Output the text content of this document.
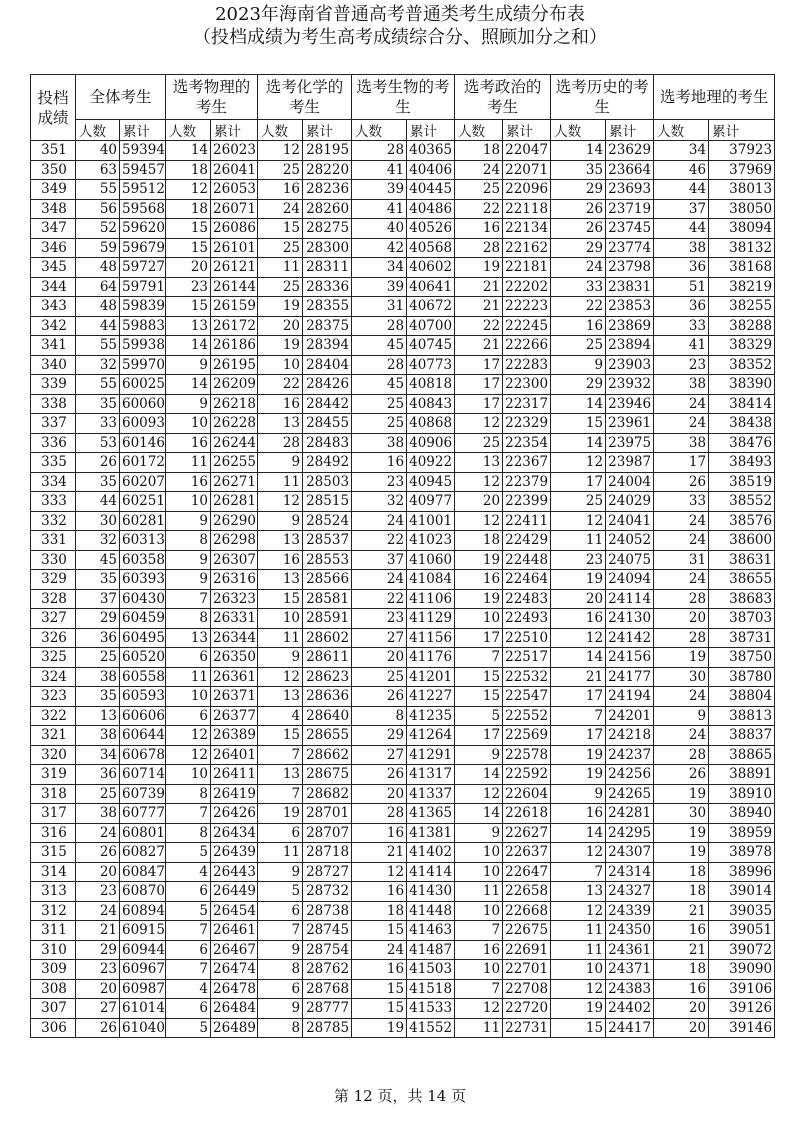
2023年海南省普通高考普通类考生成绩分布表
（投档成绩为考生高考成绩综合分、照顾加分之和）
投档成绩	全体考生		选考物理的考生		选考化学的考生		选考生物的考生		选考政治的考生		选考历史的考生		选考地理的考生	
	人数	累计	人数	累计	人数	累计	人数	累计	人数	累计	人数	累计	人数	累计
351	40	59394	14	26023	12	28195	28	40365	18	22047	14	23629	34	37923
350	63	59457	18	26041	25	28220	41	40406	24	22071	35	23664	46	37969
349	55	59512	12	26053	16	28236	39	40445	25	22096	29	23693	44	38013
348	56	59568	18	26071	24	28260	41	40486	22	22118	26	23719	37	38050
347	52	59620	15	26086	15	28275	40	40526	16	22134	26	23745	44	38094
346	59	59679	15	26101	25	28300	42	40568	28	22162	29	23774	38	38132
345	48	59727	20	26121	11	28311	34	40602	19	22181	24	23798	36	38168
344	64	59791	23	26144	25	28336	39	40641	21	22202	33	23831	51	38219
343	48	59839	15	26159	19	28355	31	40672	21	22223	22	23853	36	38255
342	44	59883	13	26172	20	28375	28	40700	22	22245	16	23869	33	38288
341	55	59938	14	26186	19	28394	45	40745	21	22266	25	23894	41	38329
340	32	59970	9	26195	10	28404	28	40773	17	22283	9	23903	23	38352
339	55	60025	14	26209	22	28426	45	40818	17	22300	29	23932	38	38390
338	35	60060	9	26218	16	28442	25	40843	17	22317	14	23946	24	38414
337	33	60093	10	26228	13	28455	25	40868	12	22329	15	23961	24	38438
336	53	60146	16	26244	28	28483	38	40906	25	22354	14	23975	38	38476
335	26	60172	11	26255	9	28492	16	40922	13	22367	12	23987	17	38493
334	35	60207	16	26271	11	28503	23	40945	12	22379	17	24004	26	38519
333	44	60251	10	26281	12	28515	32	40977	20	22399	25	24029	33	38552
332	30	60281	9	26290	9	28524	24	41001	12	22411	12	24041	24	38576
331	32	60313	8	26298	13	28537	22	41023	18	22429	11	24052	24	38600
330	45	60358	9	26307	16	28553	37	41060	19	22448	23	24075	31	38631
329	35	60393	9	26316	13	28566	24	41084	16	22464	19	24094	24	38655
328	37	60430	7	26323	15	28581	22	41106	19	22483	20	24114	28	38683
327	29	60459	8	26331	10	28591	23	41129	10	22493	16	24130	20	38703
326	36	60495	13	26344	11	28602	27	41156	17	22510	12	24142	28	38731
325	25	60520	6	26350	9	28611	20	41176	7	22517	14	24156	19	38750
324	38	60558	11	26361	12	28623	25	41201	15	22532	21	24177	30	38780
323	35	60593	10	26371	13	28636	26	41227	15	22547	17	24194	24	38804
322	13	60606	6	26377	4	28640	8	41235	5	22552	7	24201	9	38813
321	38	60644	12	26389	15	28655	29	41264	17	22569	17	24218	24	38837
320	34	60678	12	26401	7	28662	27	41291	9	22578	19	24237	28	38865
319	36	60714	10	26411	13	28675	26	41317	14	22592	19	24256	26	38891
318	25	60739	8	26419	7	28682	20	41337	12	22604	9	24265	19	38910
317	38	60777	7	26426	19	28701	28	41365	14	22618	16	24281	30	38940
316	24	60801	8	26434	6	28707	16	41381	9	22627	14	24295	19	38959
315	26	60827	5	26439	11	28718	21	41402	10	22637	12	24307	19	38978
314	20	60847	4	26443	9	28727	12	41414	10	22647	7	24314	18	38996
313	23	60870	6	26449	5	28732	16	41430	11	22658	13	24327	18	39014
312	24	60894	5	26454	6	28738	18	41448	10	22668	12	24339	21	39035
311	21	60915	7	26461	7	28745	15	41463	7	22675	11	24350	16	39051
310	29	60944	6	26467	9	28754	24	41487	16	22691	11	24361	21	39072
309	23	60967	7	26474	8	28762	16	41503	10	22701	10	24371	18	39090
308	20	60987	4	26478	6	28768	15	41518	7	22708	12	24383	16	39106
307	27	61014	6	26484	9	28777	15	41533	12	22720	19	24402	20	39126
306	26	61040	5	26489	8	28785	19	41552	11	22731	15	24417	20	39146
第 12 页，共 14 页
